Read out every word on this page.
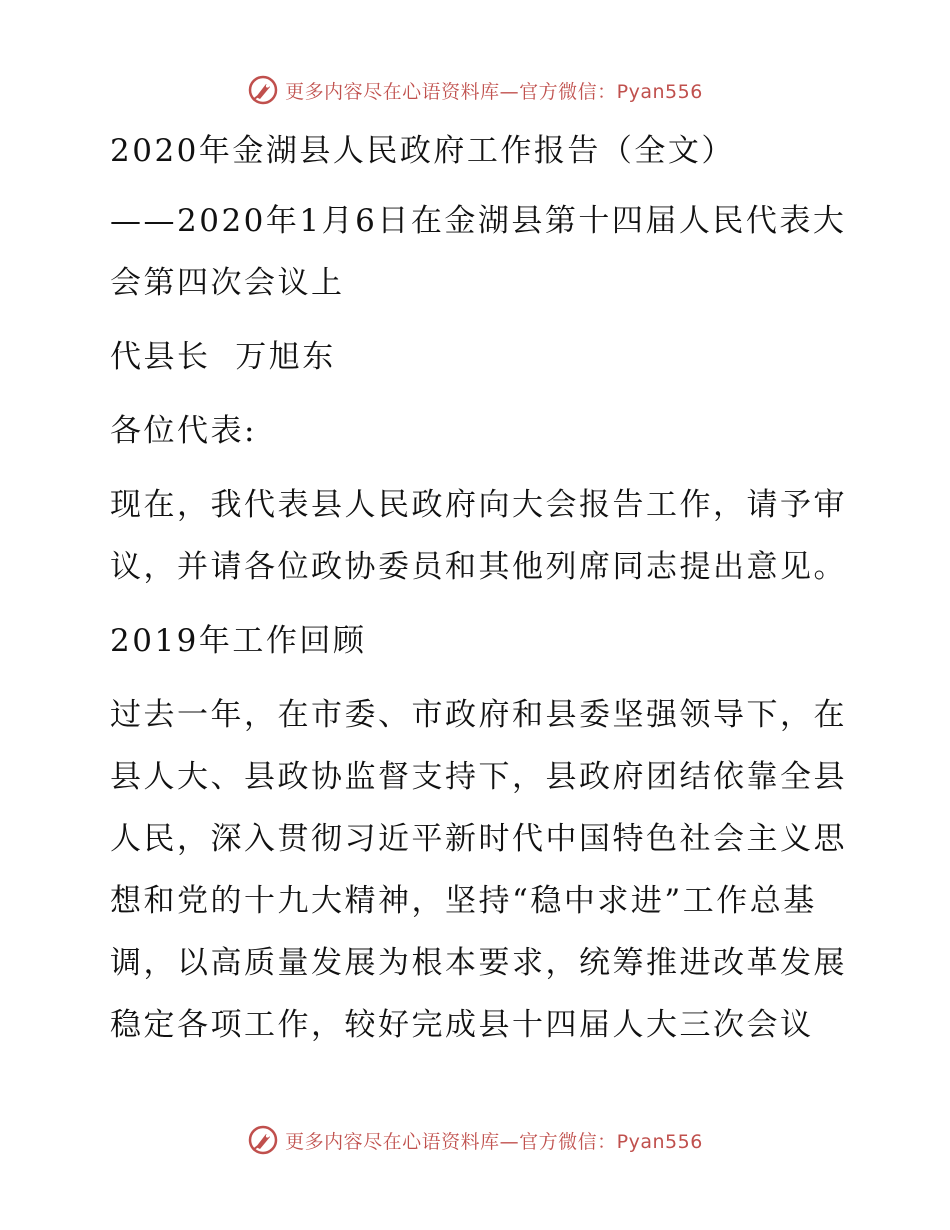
更多内容尽在心语资料库—官方微信：Pyan556

2020年金湖县人民政府工作报告（全文）

——2020年1月6日在金湖县第十四届人民代表大会第四次会议上

代县长  万旭东

各位代表:

现在，我代表县人民政府向大会报告工作，请予审议，并请各位政协委员和其他列席同志提出意见。

2019年工作回顾

过去一年，在市委、市政府和县委坚强领导下，在县人大、县政协监督支持下，县政府团结依靠全县人民，深入贯彻习近平新时代中国特色社会主义思想和党的十九大精神，坚持“稳中求进”工作总基调，以高质量发展为根本要求，统筹推进改革发展稳定各项工作，较好完成县十四届人大三次会议

更多内容尽在心语资料库—官方微信：Pyan556
